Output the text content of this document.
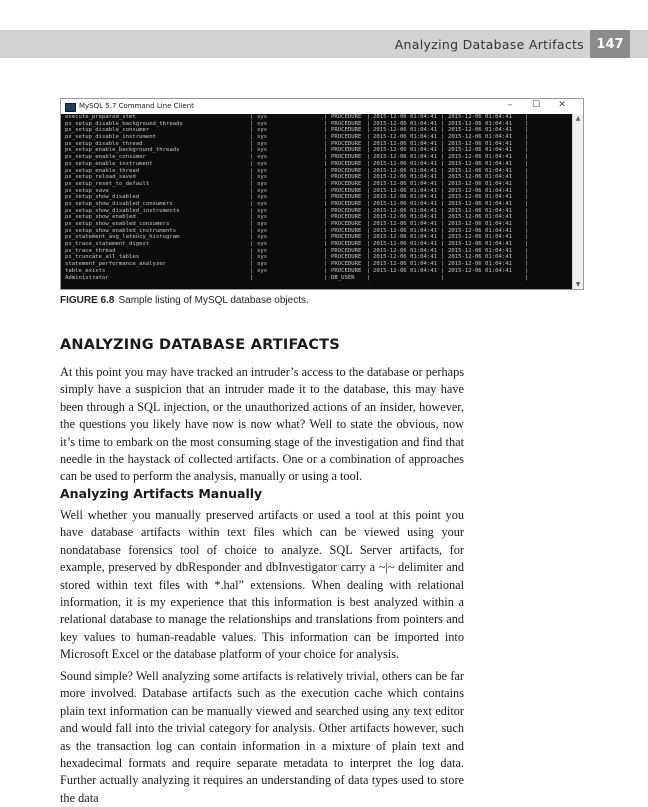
Analyzing Database Artifacts 147
MySQL 5.7 Command Line Client	– ☐ ✕
execute_prepared_stmt	| sys	| PROCEDURE | 2015-12-06 01:04:41 | 2015-12-06 01:04:41 |
ps_setup_disable_background_threads	| sys	| PROCEDURE | 2015-12-06 01:04:41 | 2015-12-06 01:04:41 |
ps_setup_disable_consumer	| sys	| PROCEDURE | 2015-12-06 01:04:41 | 2015-12-06 01:04:41 |
ps_setup_disable_instrument	| sys	| PROCEDURE | 2015-12-06 01:04:41 | 2015-12-06 01:04:41 |
ps_setup_disable_thread	| sys	| PROCEDURE | 2015-12-06 01:04:41 | 2015-12-06 01:04:41 |
ps_setup_enable_background_threads	| sys	| PROCEDURE | 2015-12-06 01:04:41 | 2015-12-06 01:04:41 |
ps_setup_enable_consumer	| sys	| PROCEDURE | 2015-12-06 01:04:41 | 2015-12-06 01:04:41 |
ps_setup_enable_instrument	| sys	| PROCEDURE | 2015-12-06 01:04:41 | 2015-12-06 01:04:41 |
ps_setup_enable_thread	| sys	| PROCEDURE | 2015-12-06 01:04:41 | 2015-12-06 01:04:41 |
ps_setup_reload_saved	| sys	| PROCEDURE | 2015-12-06 01:04:41 | 2015-12-06 01:04:41 |
ps_setup_reset_to_default	| sys	| PROCEDURE | 2015-12-06 01:04:41 | 2015-12-06 01:04:41 |
ps_setup_save	| sys	| PROCEDURE | 2015-12-06 01:04:41 | 2015-12-06 01:04:41 |
ps_setup_show_disabled	| sys	| PROCEDURE | 2015-12-06 01:04:41 | 2015-12-06 01:04:41 |
ps_setup_show_disabled_consumers	| sys	| PROCEDURE | 2015-12-06 01:04:41 | 2015-12-06 01:04:41 |
ps_setup_show_disabled_instruments	| sys	| PROCEDURE | 2015-12-06 01:04:41 | 2015-12-06 01:04:41 |
ps_setup_show_enabled	| sys	| PROCEDURE | 2015-12-06 01:04:41 | 2015-12-06 01:04:41 |
ps_setup_show_enabled_consumers	| sys	| PROCEDURE | 2015-12-06 01:04:41 | 2015-12-06 01:04:41 |
ps_setup_show_enabled_instruments	| sys	| PROCEDURE | 2015-12-06 01:04:41 | 2015-12-06 01:04:41 |
ps_statement_avg_latency_histogram	| sys	| PROCEDURE | 2015-12-06 01:04:41 | 2015-12-06 01:04:41 |
ps_trace_statement_digest	| sys	| PROCEDURE | 2015-12-06 01:04:41 | 2015-12-06 01:04:41 |
ps_trace_thread	| sys	| PROCEDURE | 2015-12-06 01:04:41 | 2015-12-06 01:04:41 |
ps_truncate_all_tables	| sys	| PROCEDURE | 2015-12-06 01:04:41 | 2015-12-06 01:04:41 |
statement_performance_analyzer	| sys	| PROCEDURE | 2015-12-06 01:04:41 | 2015-12-06 01:04:41 |
table_exists	| sys	| PROCEDURE | 2015-12-06 01:04:41 | 2015-12-06 01:04:41 |
Administrator	|	| DB_USER |	|	|
▲
▼
FIGURE 6.8 Sample listing of MySQL database objects.
ANALYZING DATABASE ARTIFACTS

At this point you may have tracked an intruder’s access to the database or perhaps simply have a suspicion that an intruder made it to the database, this may have been through a SQL injection, or the unauthorized actions of an insider, however, the questions you likely have now is now what? Well to state the obvious, now it’s time to embark on the most consuming stage of the investigation and find that needle in the haystack of collected artifacts. One or a combination of approaches can be used to perform the analysis, manually or using a tool.

Analyzing Artifacts Manually

Well whether you manually preserved artifacts or used a tool at this point you have database artifacts within text files which can be viewed using your nondatabase forensics tool of choice to analyze. SQL Server artifacts, for example, preserved by dbResponder and dbInvestigator carry a ~|~ delimiter and stored within text files with *.hal” extensions. When dealing with relational information, it is my experience that this information is best analyzed within a relational database to manage the relationships and translations from pointers and key values to human-readable values. This information can be imported into Microsoft Excel or the database platform of your choice for analysis.

Sound simple? Well analyzing some artifacts is relatively trivial, others can be far more involved. Database artifacts such as the execution cache which contains plain text information can be manually viewed and searched using any text editor and would fall into the trivial category for analysis. Other artifacts however, such as the transaction log can contain information in a mixture of plain text and hexadecimal formats and require separate metadata to interpret the log data. Further actually analyzing it requires an understanding of data types used to store the data
